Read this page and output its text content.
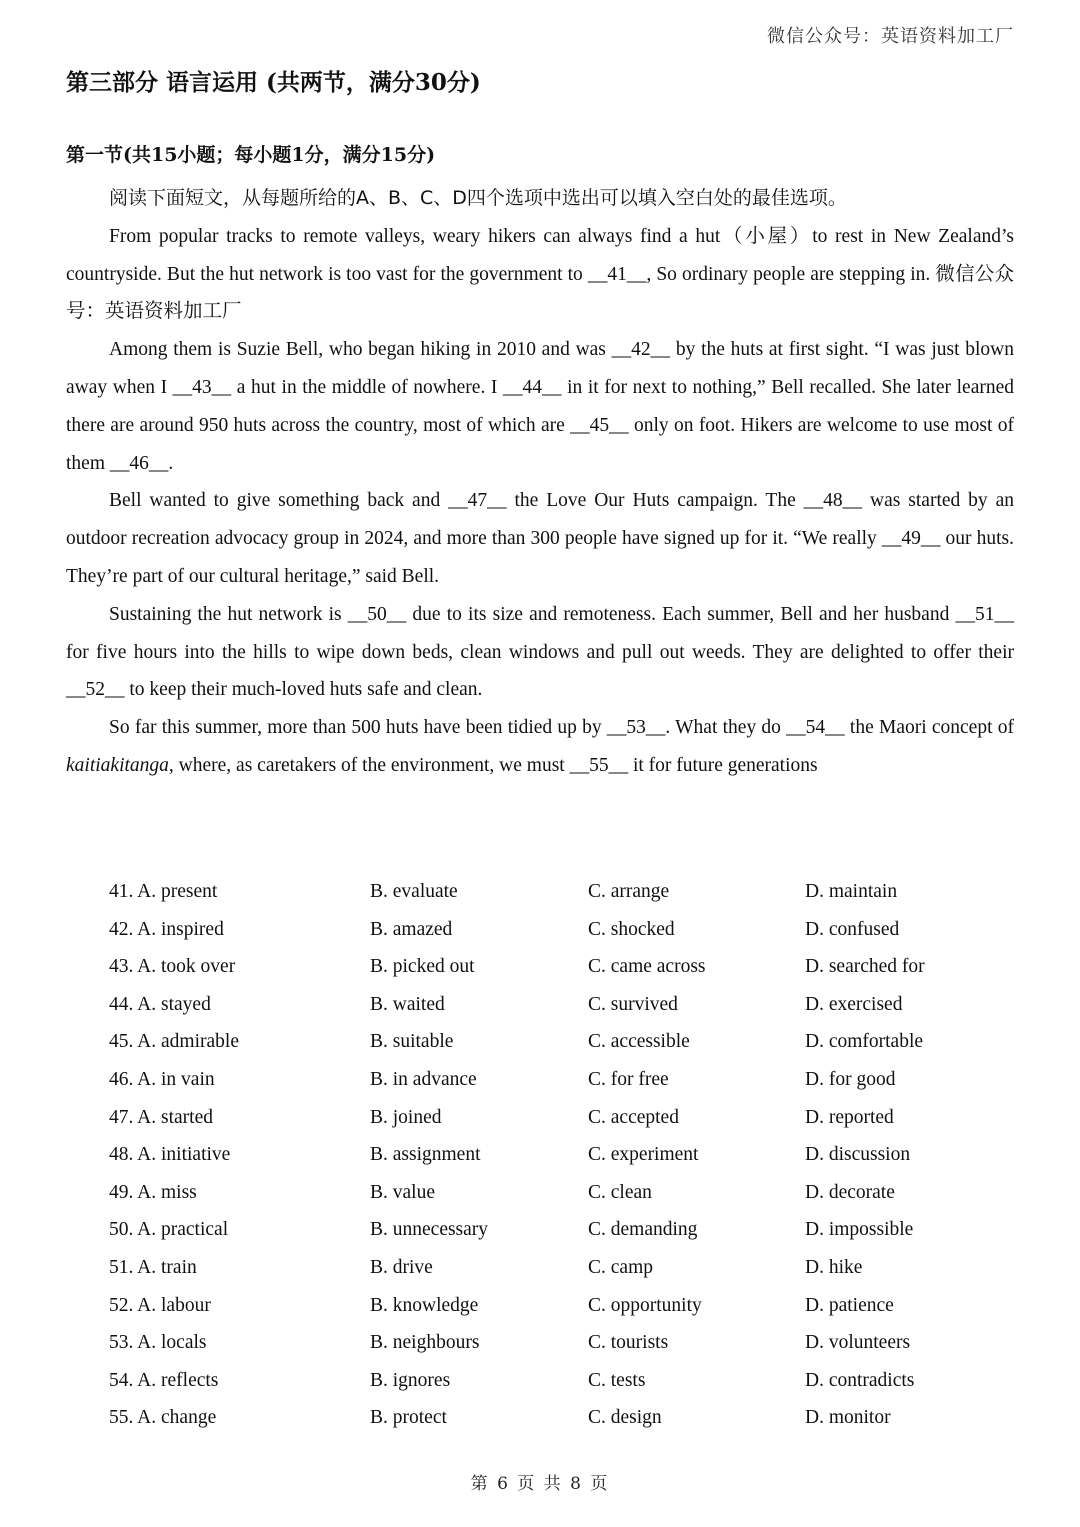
微信公众号：英语资料加工厂
第三部分 语言运用 (共两节，满分30分)
第一节(共15小题；每小题1分，满分15分)

阅读下面短文，从每题所给的A、B、C、D四个选项中选出可以填入空白处的最佳选项。

From popular tracks to remote valleys, weary hikers can always find a hut（小屋）to rest in New Zealand’s countryside. But the hut network is too vast for the government to __41__, So ordinary people are stepping in. 微信公众号：英语资料加工厂

Among them is Suzie Bell, who began hiking in 2010 and was __42__ by the huts at first sight. “I was just blown away when I __43__ a hut in the middle of nowhere. I __44__ in it for next to nothing,” Bell recalled. She later learned there are around 950 huts across the country, most of which are __45__ only on foot. Hikers are welcome to use most of them __46__.

Bell wanted to give something back and __47__ the Love Our Huts campaign. The __48__ was started by an outdoor recreation advocacy group in 2024, and more than 300 people have signed up for it. “We really __49__ our huts. They’re part of our cultural heritage,” said Bell.

Sustaining the hut network is __50__ due to its size and remoteness. Each summer, Bell and her husband __51__ for five hours into the hills to wipe down beds, clean windows and pull out weeds. They are delighted to offer their __52__ to keep their much-loved huts safe and clean.

So far this summer, more than 500 huts have been tidied up by __53__. What they do __54__ the Maori concept of kaitiakitanga, where, as caretakers of the environment, we must __55__ it for future generations

41. A. present	B. evaluate	C. arrange	D. maintain
42. A. inspired	B. amazed	C. shocked	D. confused
43. A. took over	B. picked out	C. came across	D. searched for
44. A. stayed	B. waited	C. survived	D. exercised
45. A. admirable	B. suitable	C. accessible	D. comfortable
46. A. in vain	B. in advance	C. for free	D. for good
47. A. started	B. joined	C. accepted	D. reported
48. A. initiative	B. assignment	C. experiment	D. discussion
49. A. miss	B. value	C. clean	D. decorate
50. A. practical	B. unnecessary	C. demanding	D. impossible
51. A. train	B. drive	C. camp	D. hike
52. A. labour	B. knowledge	C. opportunity	D. patience
53. A. locals	B. neighbours	C. tourists	D. volunteers
54. A. reflects	B. ignores	C. tests	D. contradicts
55. A. change	B. protect	C. design	D. monitor
第 6 页 共 8 页
